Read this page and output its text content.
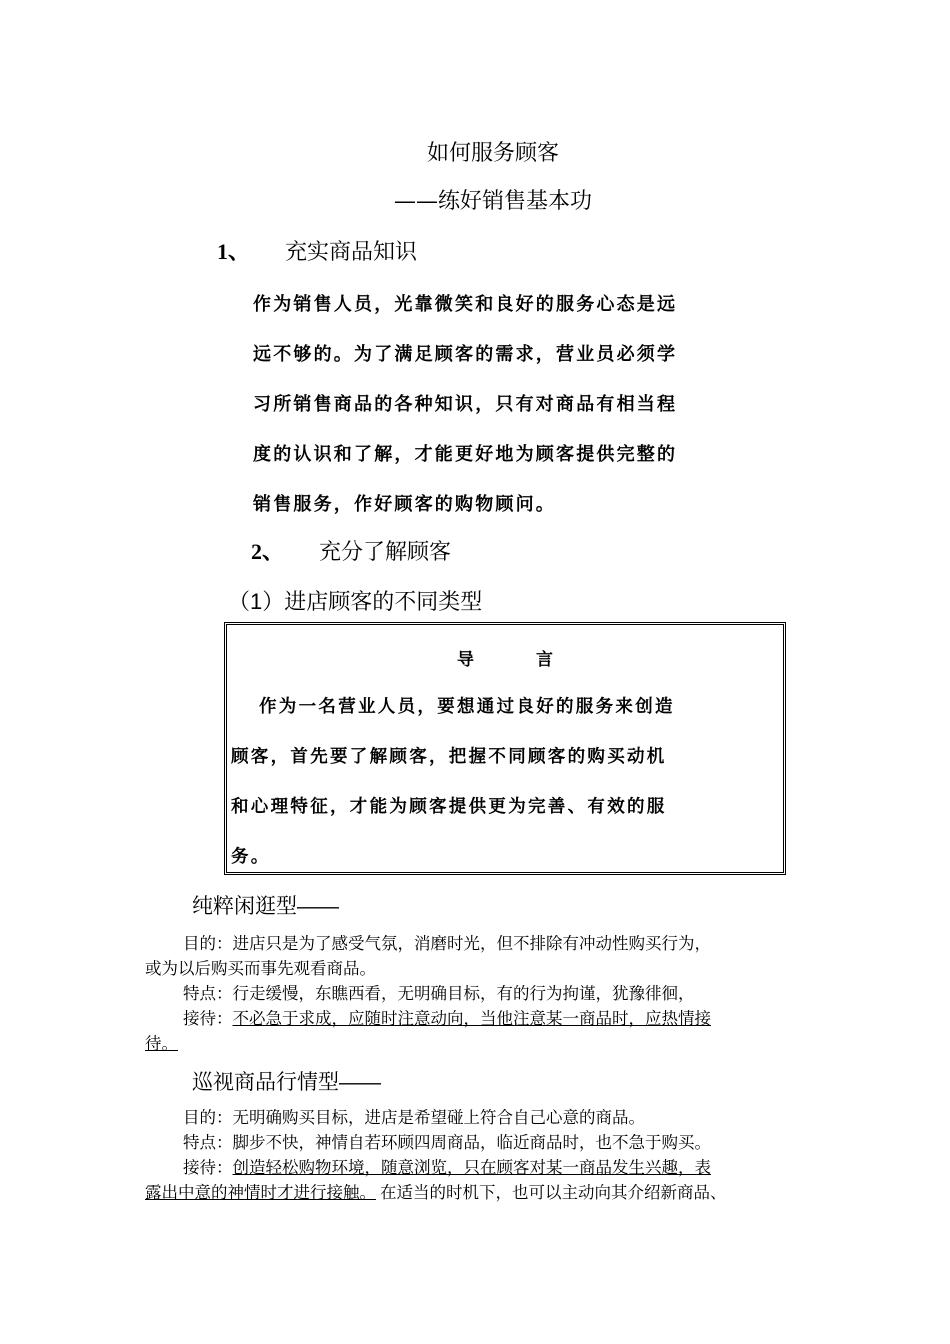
如何服务顾客
——练好销售基本功
1、 充实商品知识
作为销售人员，光靠微笑和良好的服务心态是远
远不够的。为了满足顾客的需求，营业员必须学
习所销售商品的各种知识，只有对商品有相当程
度的认识和了解，才能更好地为顾客提供完整的
销售服务，作好顾客的购物顾问。
2、 充分了解顾客
（1）进店顾客的不同类型
导言
作为一名营业人员，要想通过良好的服务来创造
顾客，首先要了解顾客，把握不同顾客的购买动机
和心理特征，才能为顾客提供更为完善、有效的服
务。
纯粹闲逛型——
目的：进店只是为了感受气氛，消磨时光，但不排除有冲动性购买行为，
或为以后购买而事先观看商品。
特点：行走缓慢，东瞧西看，无明确目标，有的行为拘谨，犹豫徘徊，
接待：不必急于求成，应随时注意动向，当他注意某一商品时，应热情接
待。
巡视商品行情型——
目的：无明确购买目标，进店是希望碰上符合自己心意的商品。
特点：脚步不快，神情自若环顾四周商品，临近商品时，也不急于购买。
接待：创造轻松购物环境，随意浏览，只在顾客对某一商品发生兴趣，表
露出中意的神情时才进行接触。 在适当的时机下，也可以主动向其介绍新商品、
